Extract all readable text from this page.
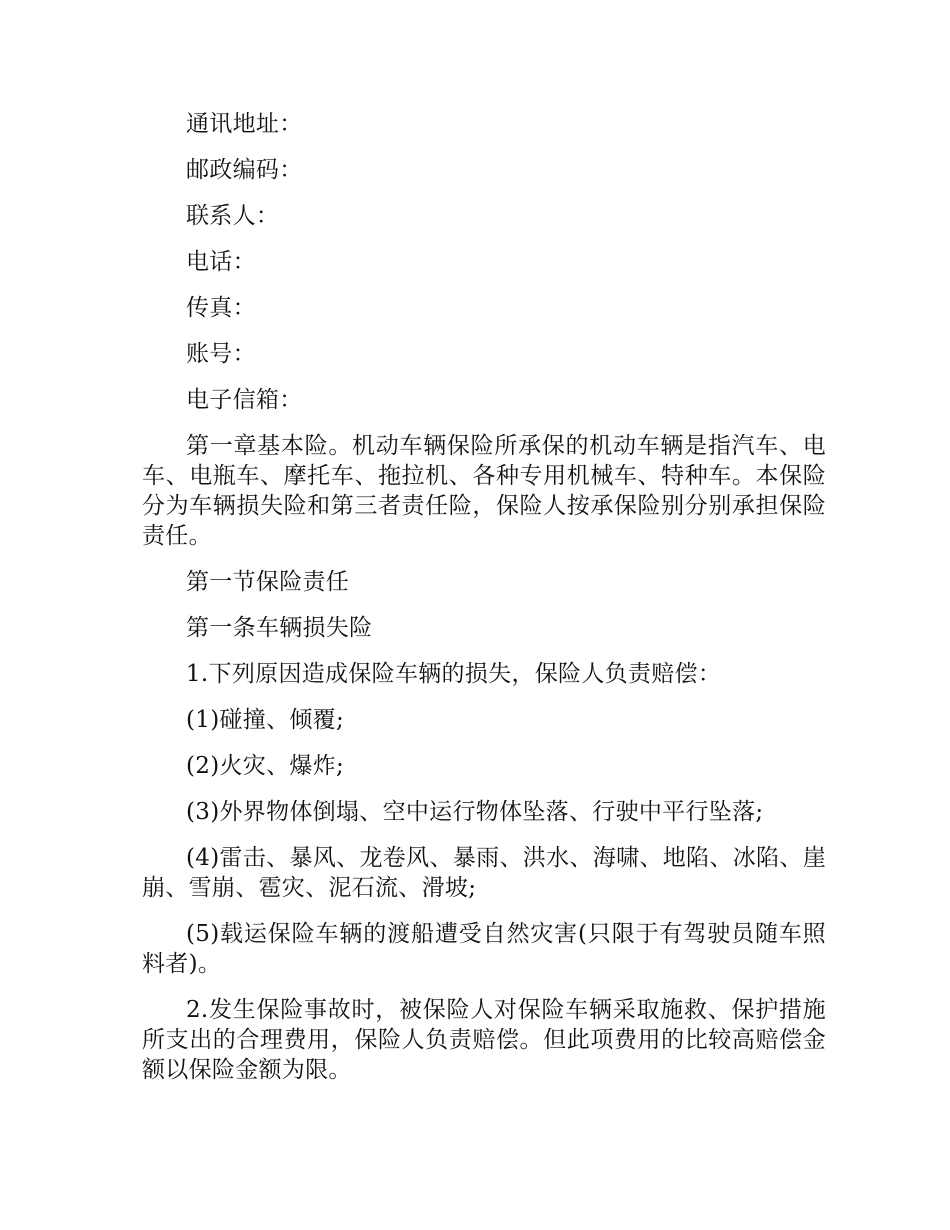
通讯地址：

邮政编码：

联系人：

电话：

传真：

账号：

电子信箱：

第一章基本险。机动车辆保险所承保的机动车辆是指汽车、电车、电瓶车、摩托车、拖拉机、各种专用机械车、特种车。本保险分为车辆损失险和第三者责任险，保险人按承保险别分别承担保险责任。

第一节保险责任

第一条车辆损失险

1.下列原因造成保险车辆的损失，保险人负责赔偿：

(1)碰撞、倾覆;

(2)火灾、爆炸;

(3)外界物体倒塌、空中运行物体坠落、行驶中平行坠落;

(4)雷击、暴风、龙卷风、暴雨、洪水、海啸、地陷、冰陷、崖崩、雪崩、雹灾、泥石流、滑坡;

(5)载运保险车辆的渡船遭受自然灾害(只限于有驾驶员随车照料者)。

2.发生保险事故时，被保险人对保险车辆采取施救、保护措施所支出的合理费用，保险人负责赔偿。但此项费用的比较高赔偿金额以保险金额为限。
